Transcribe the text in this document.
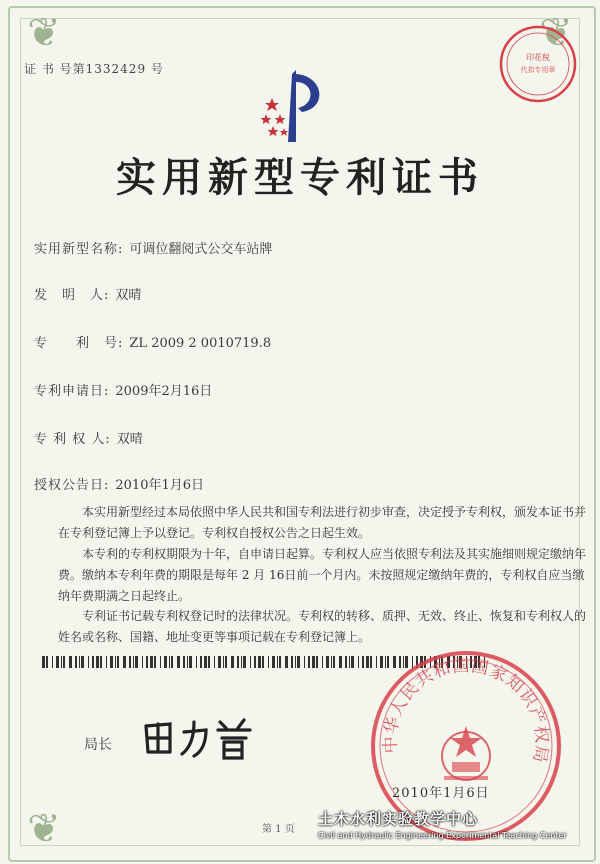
❦	❦
❦
证 书 号第1332429 号
印花税
代扣专用章
实用新型专利证书
实用新型名称: 可调位翻阅式公交车站牌
发　明　人: 双晴
专　　利　号: ZL 2009 2 0010719.8
专利申请日: 2009年2月16日
专 利 权 人: 双晴
授权公告日: 2010年1月6日
本实用新型经过本局依照中华人民共和国专利法进行初步审查，决定授予专利权，颁发本证书并在专利登记簿上予以登记。专利权自授权公告之日起生效。
本专利的专利权期限为十年，自申请日起算。专利权人应当依照专利法及其实施细则规定缴纳年费。缴纳本专利年费的期限是每年 2 月 16日前一个月内。未按照规定缴纳年费的，专利权自应当缴纳年费期满之日起终止。
专利证书记载专利权登记时的法律状况。专利权的转移、质押、无效、终止、恢复和专利权人的姓名或名称、国籍、地址变更等事项记载在专利登记簿上。
局长	中华人民共和国国家知识产权局
2010年1月6日
第 1 页
土木水利实验教学中心
Civil and Hydraulic Engineering Experimental Teaching Center
